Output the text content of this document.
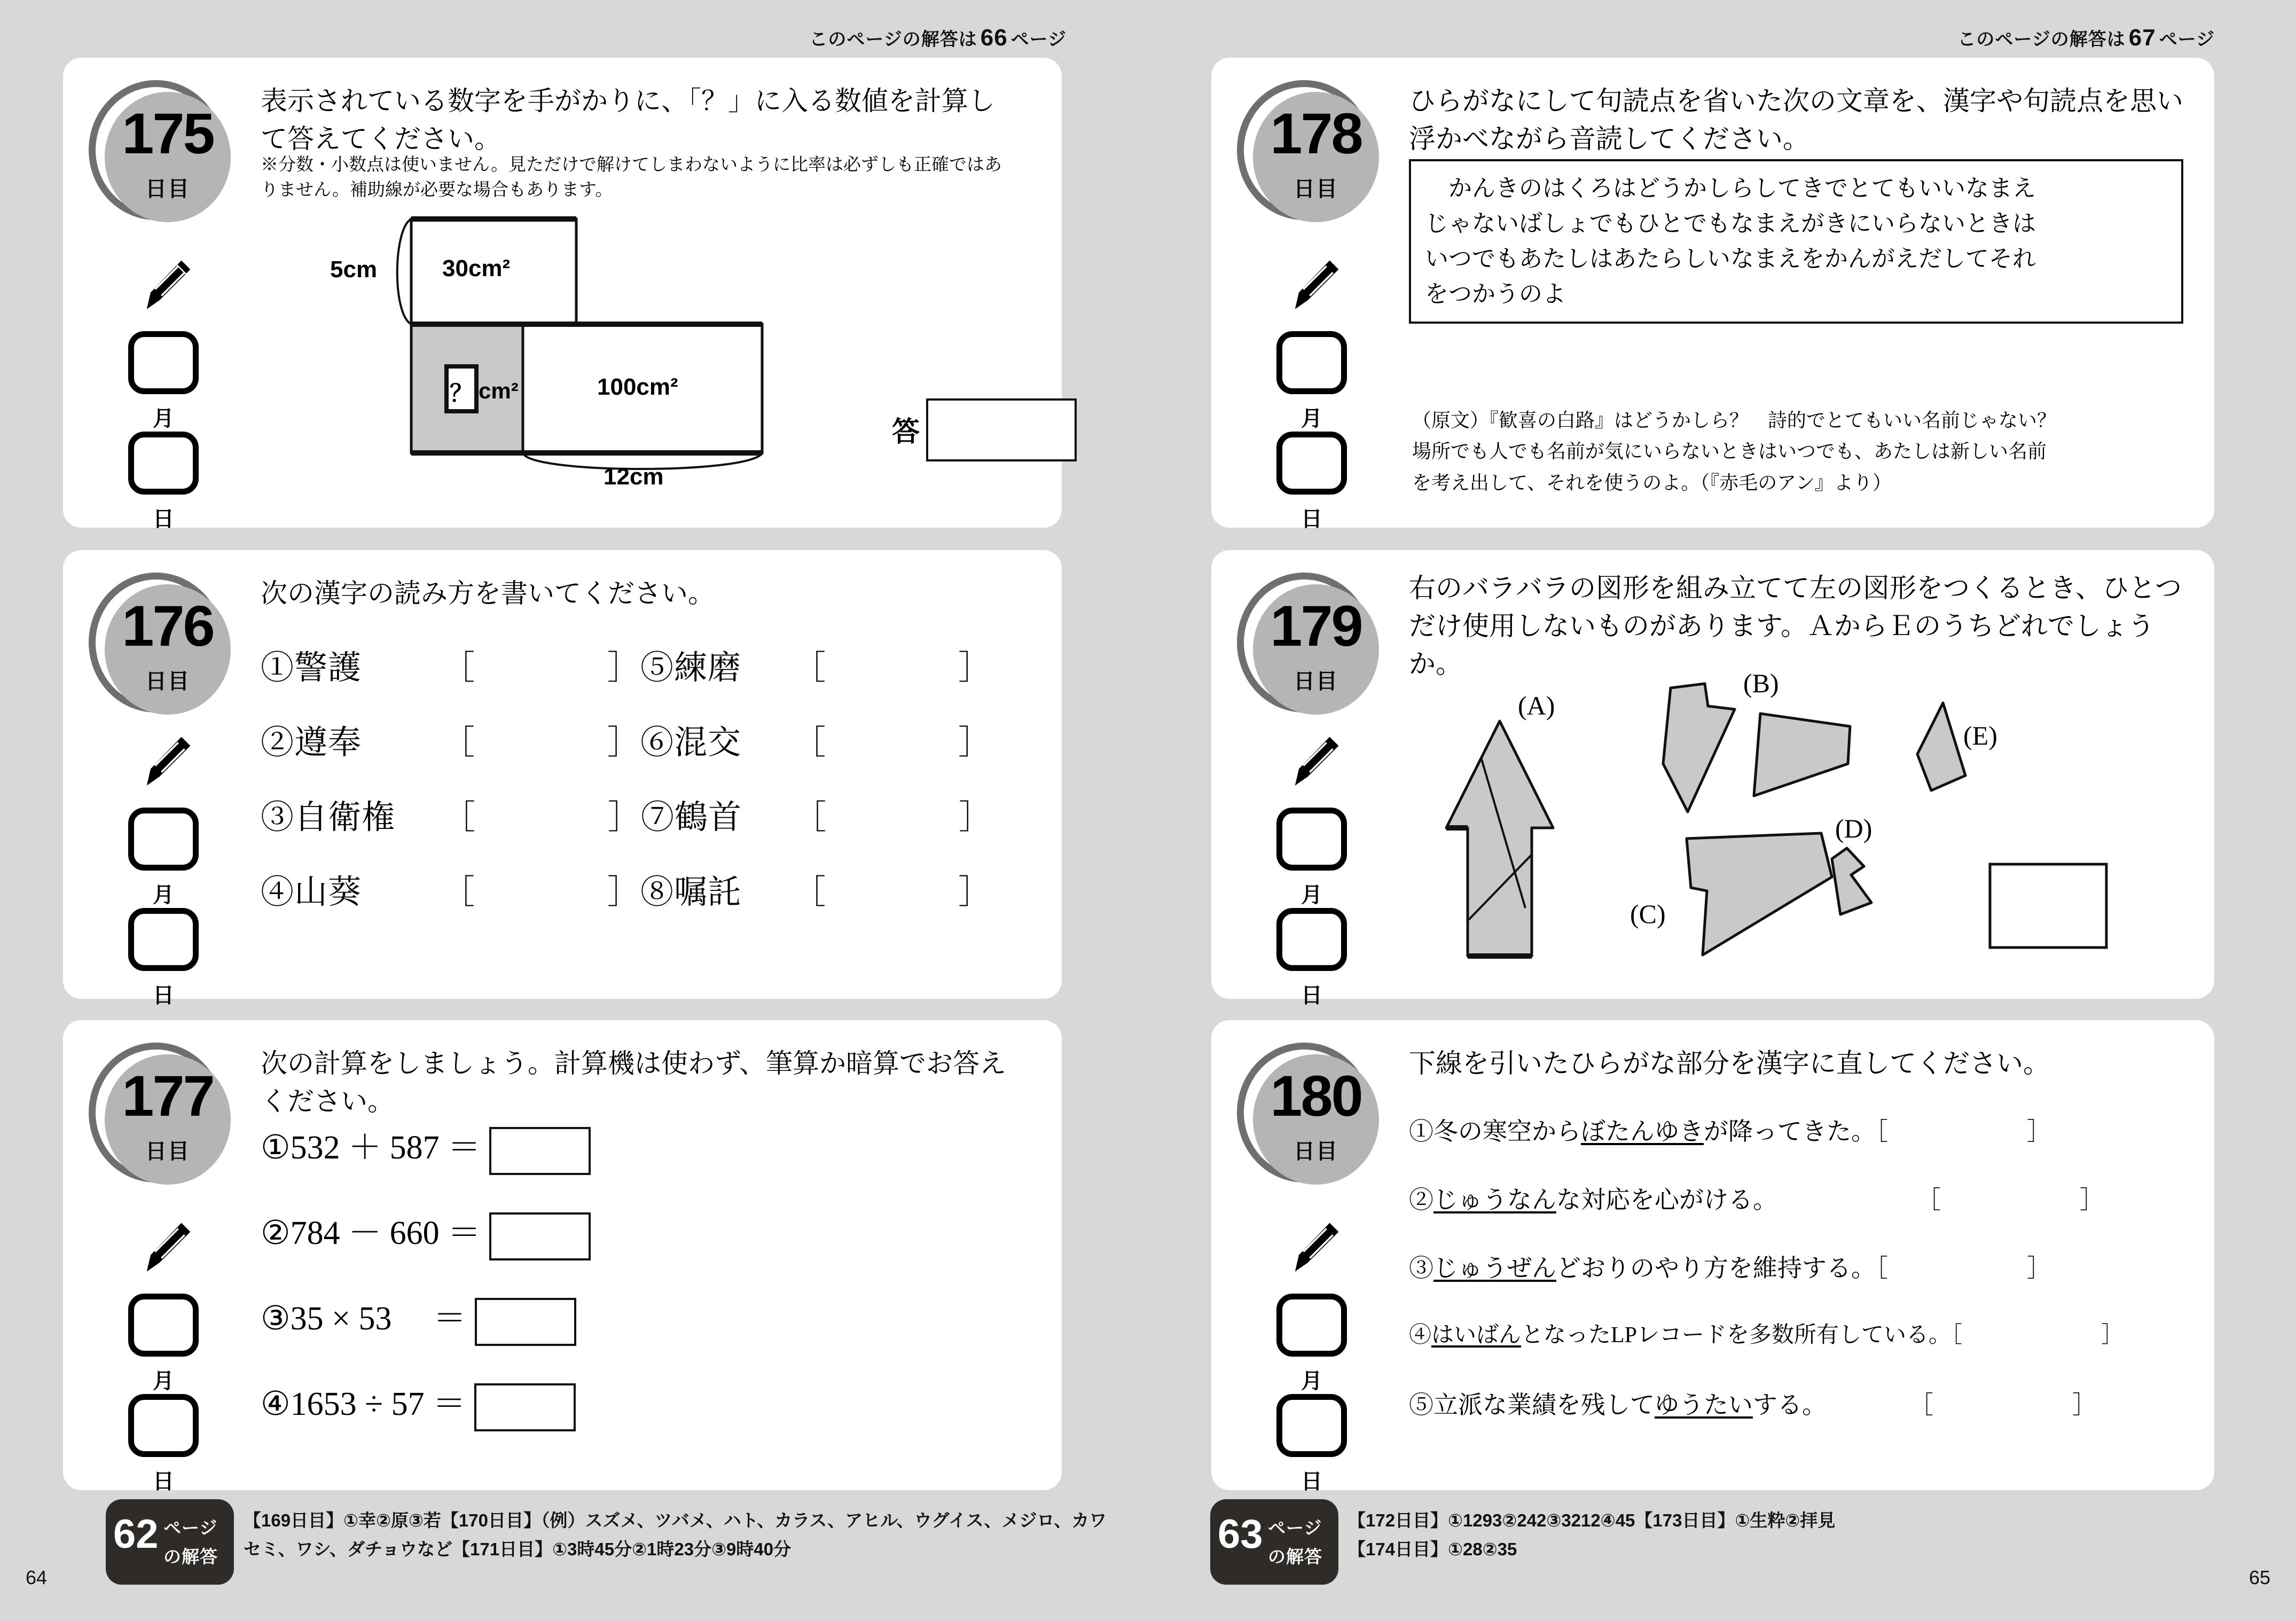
このページの解答は 66 ページ
175
日目
月
日
表示されている数字を手がかりに、「？」に入る数値を計算して答えてください。
※分数・小数点は使いません。見ただけで解けてしまわないように比率は必ずしも正確ではありません。補助線が必要な場合もあります。
5cm	30cm²
？ cm²	100cm²
12cm
答
176
日目
月
日
次の漢字の読み方を書いてください。
①警護 ［　　　　］⑤練磨 ［　　　　］
②遵奉 ［　　　　］⑥混交 ［　　　　］
③自衛権 ［　　　　］⑦鶴首 ［　　　　］
④山葵 ［　　　　］⑧嘱託 ［　　　　］
177
日目
月
日
次の計算をしましょう。計算機は使わず、筆算か暗算でお答えください。
①532 ＋ 587 ＝
②784 － 660 ＝
③35 × 53　 ＝
④1653 ÷ 57 ＝
64
62 ページ
の解答
【169日目】①幸②原③若【170日目】（例）スズメ、ツバメ、ハト、カラス、アヒル、ウグイス、メジロ、カワセミ、ワシ、ダチョウなど【171日目】①3時45分②1時23分③9時40分
このページの解答は 67 ページ
178
日目
月
日
ひらがなにして句読点を省いた次の文章を、漢字や句読点を思い浮かべながら音読してください。
　かんきのはくろはどうかしらしてきでとてもいいなまえ
じゃないばしょでもひとでもなまえがきにいらないときは
いつでもあたしはあたらしいなまえをかんがえだしてそれ
をつかうのよ
（原文）『歓喜の白路』はどうかしら？　詩的でとてもいい名前じゃない？
場所でも人でも名前が気にいらないときはいつでも、あたしは新しい名前
を考え出して、それを使うのよ。（『赤毛のアン』より）
179
日目
月
日
右のバラバラの図形を組み立てて左の図形をつくるとき、ひとつだけ使用しないものがあります。ＡからＥのうちどれでしょうか。
(A)
(B)
(C)
(D)
(E)
180
日目
月
日
下線を引いたひらがな部分を漢字に直してください。
①冬の寒空からぼたんゆきが降ってきた。［	］
②じゅうなんな対応を心がける。	［	］
③じゅうぜんどおりのやり方を維持する。［	］
④はいばんとなったLPレコードを多数所有している。［	］
⑤立派な業績を残してゆうたいする。	［	］
63 ページ
の解答
【172日目】①1293②242③3212④45【173日目】①生粋②拝見
【174日目】①28②35
65
